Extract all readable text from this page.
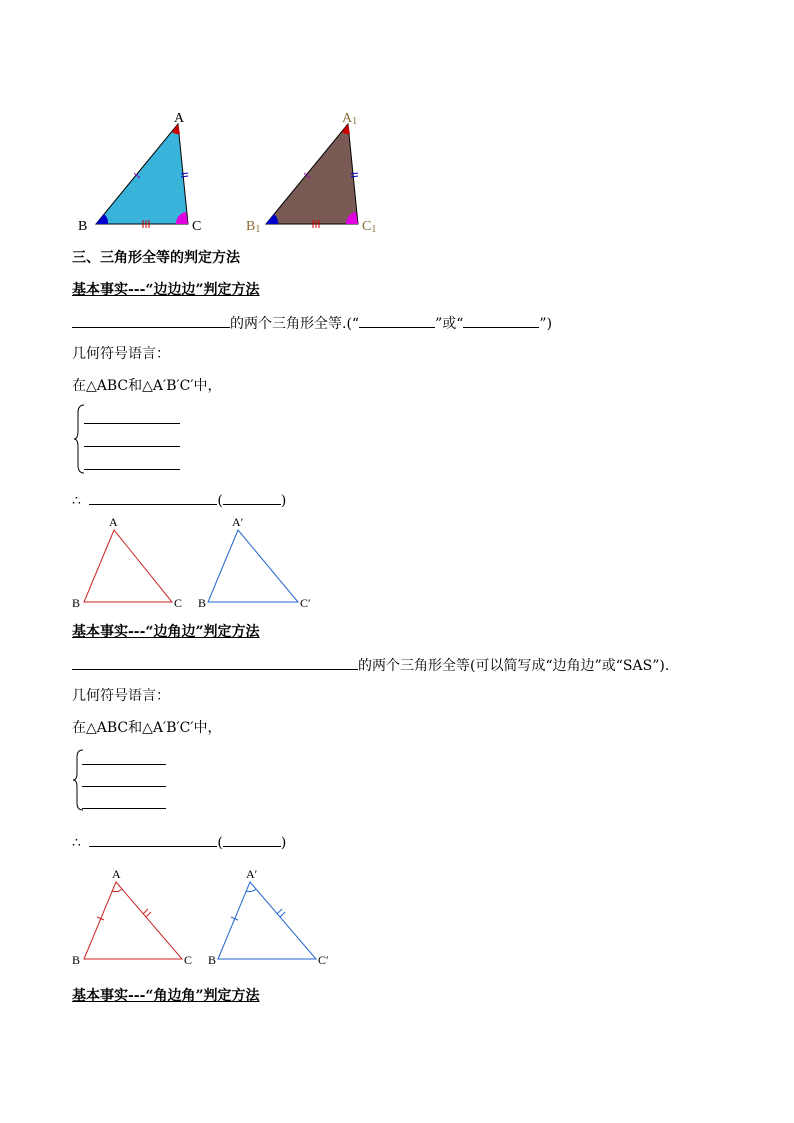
A
B	C
A1
B1	C1
三、三角形全等的判定方法
基本事实---“边边边”判定方法
的两个三角形全等.(“	”或“	”)
几何符号语言：
在△ABC和△A′B′C′中，
∴	(	)
A
B	C
A′
B	C′
基本事实---“边角边”判定方法
的两个三角形全等(可以简写成“边角边”或“SAS”).
几何符号语言：
在△ABC和△A′B′C′中，
∴	(	)
A
B	C
A′
B	C′
基本事实---“角边角”判定方法
